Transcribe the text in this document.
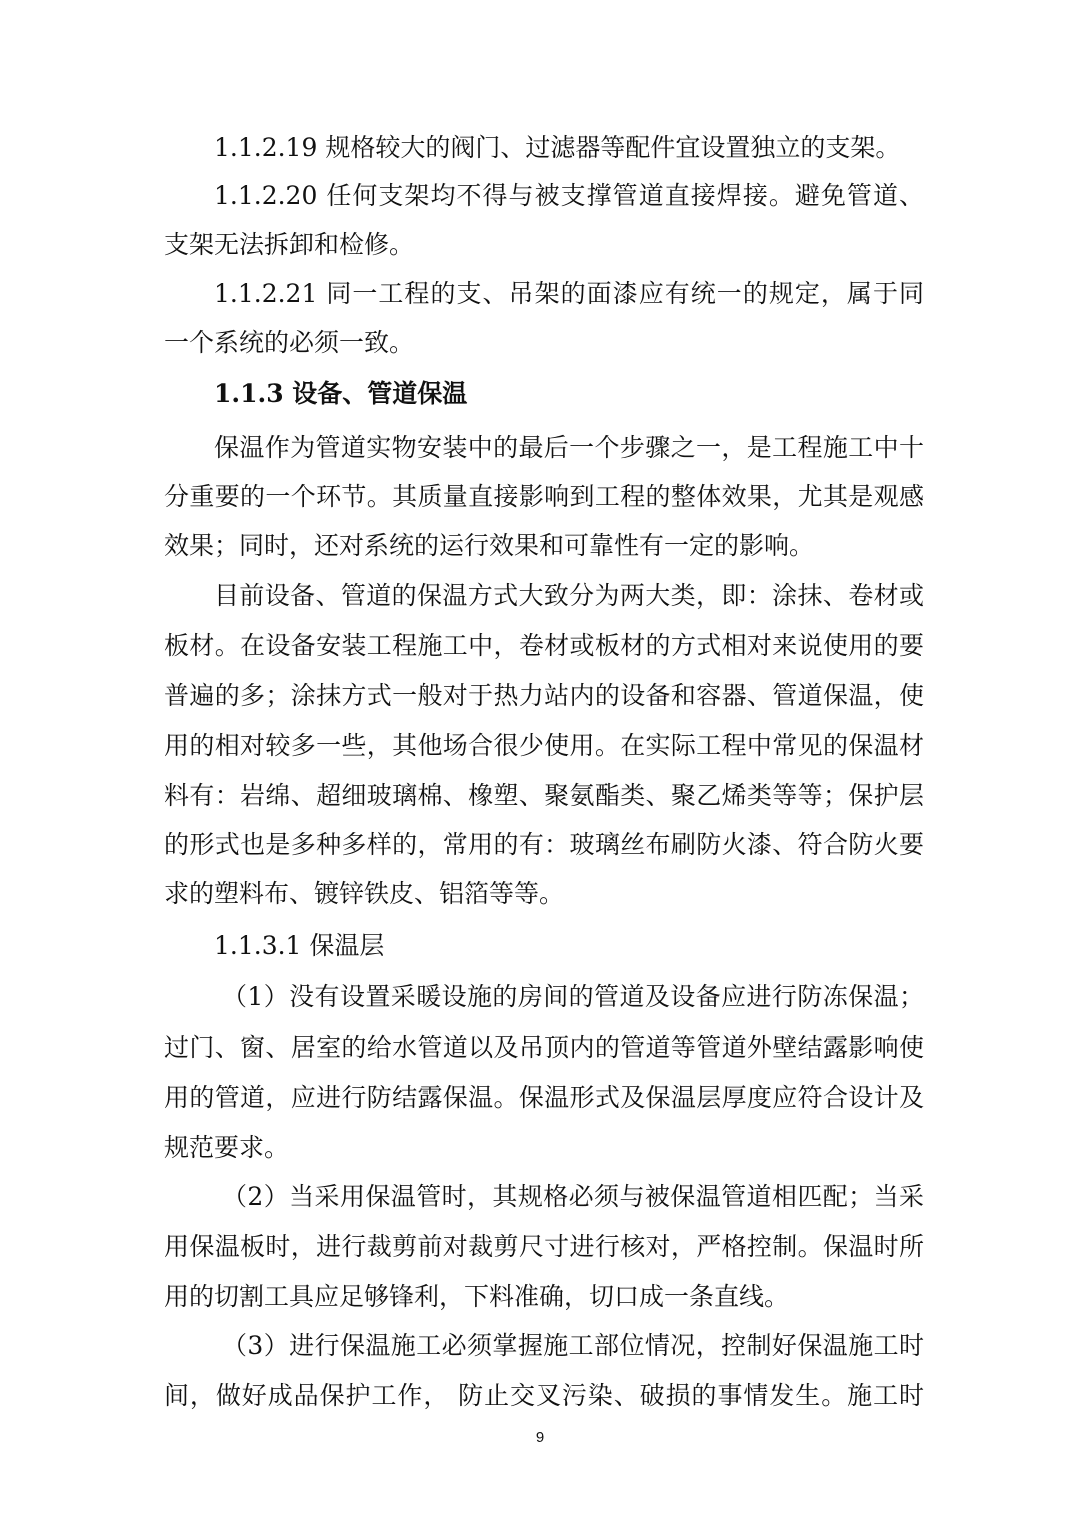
1.1.2.19 规格较大的阀门、过滤器等配件宜设置独立的支架。
1.1.2.20 任何支架均不得与被支撑管道直接焊接。避免管道、
支架无法拆卸和检修。
1.1.2.21 同一工程的支、吊架的面漆应有统一的规定，属于同
一个系统的必须一致。
1.1.3 设备、管道保温
保温作为管道实物安装中的最后一个步骤之一，是工程施工中十
分重要的一个环节。其质量直接影响到工程的整体效果，尤其是观感
效果；同时，还对系统的运行效果和可靠性有一定的影响。
目前设备、管道的保温方式大致分为两大类，即：涂抹、卷材或
板材。在设备安装工程施工中，卷材或板材的方式相对来说使用的要
普遍的多；涂抹方式一般对于热力站内的设备和容器、管道保温，使
用的相对较多一些，其他场合很少使用。在实际工程中常见的保温材
料有：岩绵、超细玻璃棉、橡塑、聚氨酯类、聚乙烯类等等；保护层
的形式也是多种多样的，常用的有：玻璃丝布刷防火漆、符合防火要
求的塑料布、镀锌铁皮、铝箔等等。
1.1.3.1 保温层
（1）没有设置采暖设施的房间的管道及设备应进行防冻保温；
过门、窗、居室的给水管道以及吊顶内的管道等管道外壁结露影响使
用的管道，应进行防结露保温。保温形式及保温层厚度应符合设计及
规范要求。
（2）当采用保温管时，其规格必须与被保温管道相匹配；当采
用保温板时，进行裁剪前对裁剪尺寸进行核对，严格控制。保温时所
用的切割工具应足够锋利，下料准确，切口成一条直线。
（3）进行保温施工必须掌握施工部位情况，控制好保温施工时
间，做好成品保护工作， 防止交叉污染、破损的事情发生。施工时
9
